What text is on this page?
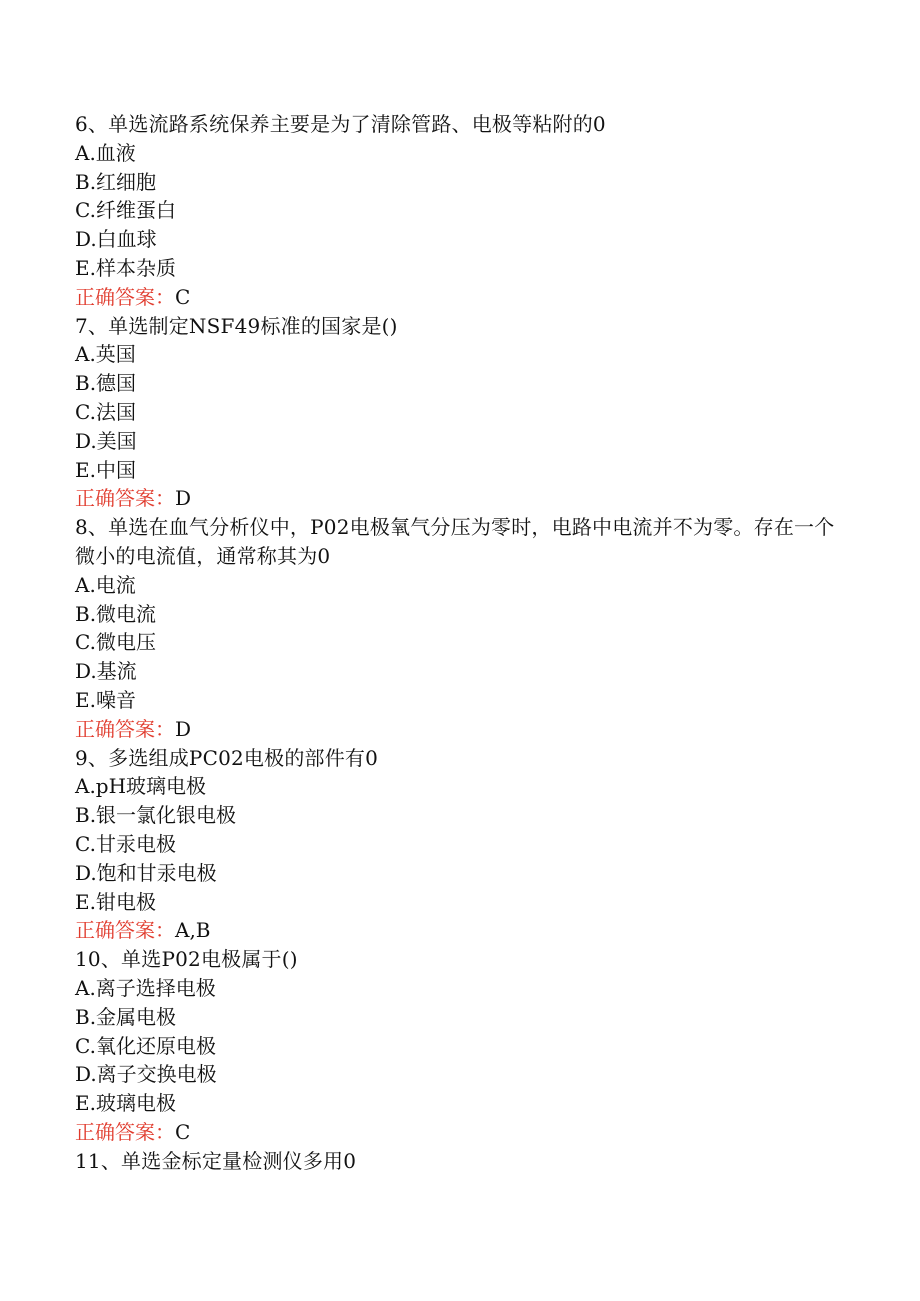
6、单选流路系统保养主要是为了清除管路、电极等粘附的0

A.血液

B.红细胞

C.纤维蛋白

D.白血球

E.样本杂质

正确答案：C

7、单选制定NSF49标准的国家是()

A.英国

B.德国

C.法国

D.美国

E.中国

正确答案：D

8、单选在血气分析仪中，P02电极氧气分压为零时，电路中电流并不为零。存在一个微小的电流值，通常称其为0

A.电流

B.微电流

C.微电压

D.基流

E.噪音

正确答案：D

9、多选组成PC02电极的部件有0

A.pH玻璃电极

B.银一氯化银电极

C.甘汞电极

D.饱和甘汞电极

E.钳电极

正确答案：A,B

10、单选P02电极属于()

A.离子选择电极

B.金属电极

C.氧化还原电极

D.离子交换电极

E.玻璃电极

正确答案：C

11、单选金标定量检测仪多用0
